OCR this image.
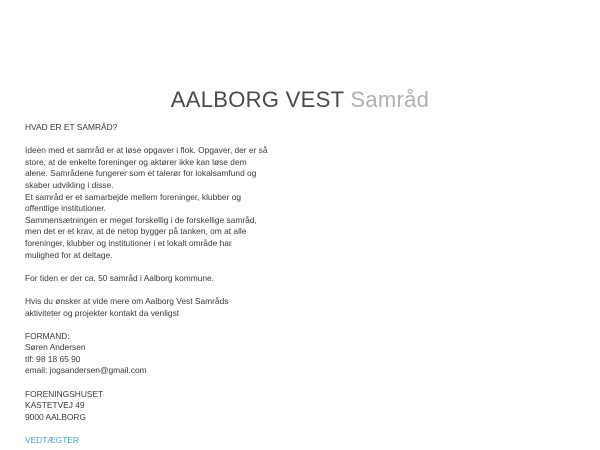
AALBORG VEST Samråd

HVAD ER ET SAMRÅD?

Ideen med et samråd er at løse opgaver i flok. Opgaver, der er så
store, at de enkelte foreninger og aktører ikke kan løse dem
alene. Samrådene fungerer som et talerør for lokalsamfund og
skaber udvikling i disse.
Et samråd er et samarbejde mellem foreninger, klubber og
offentlige institutioner.
Sammensætningen er meget forskellig i de forskellige samråd,
men det er et krav, at de netop bygger på tanken, om at alle
foreninger, klubber og institutioner i et lokalt område har
mulighed for at deltage.

For tiden er der ca. 50 samråd i Aalborg kommune.

Hvis du ønsker at vide mere om Aalborg Vest Samråds
aktiviteter og projekter kontakt da venligst

FORMAND:
Søren Andersen
tlf: 98 18 65 90
email: jogsandersen@gmail.com

FORENINGSHUSET
KASTETVEJ 49
9000 AALBORG

VEDTÆGTER
